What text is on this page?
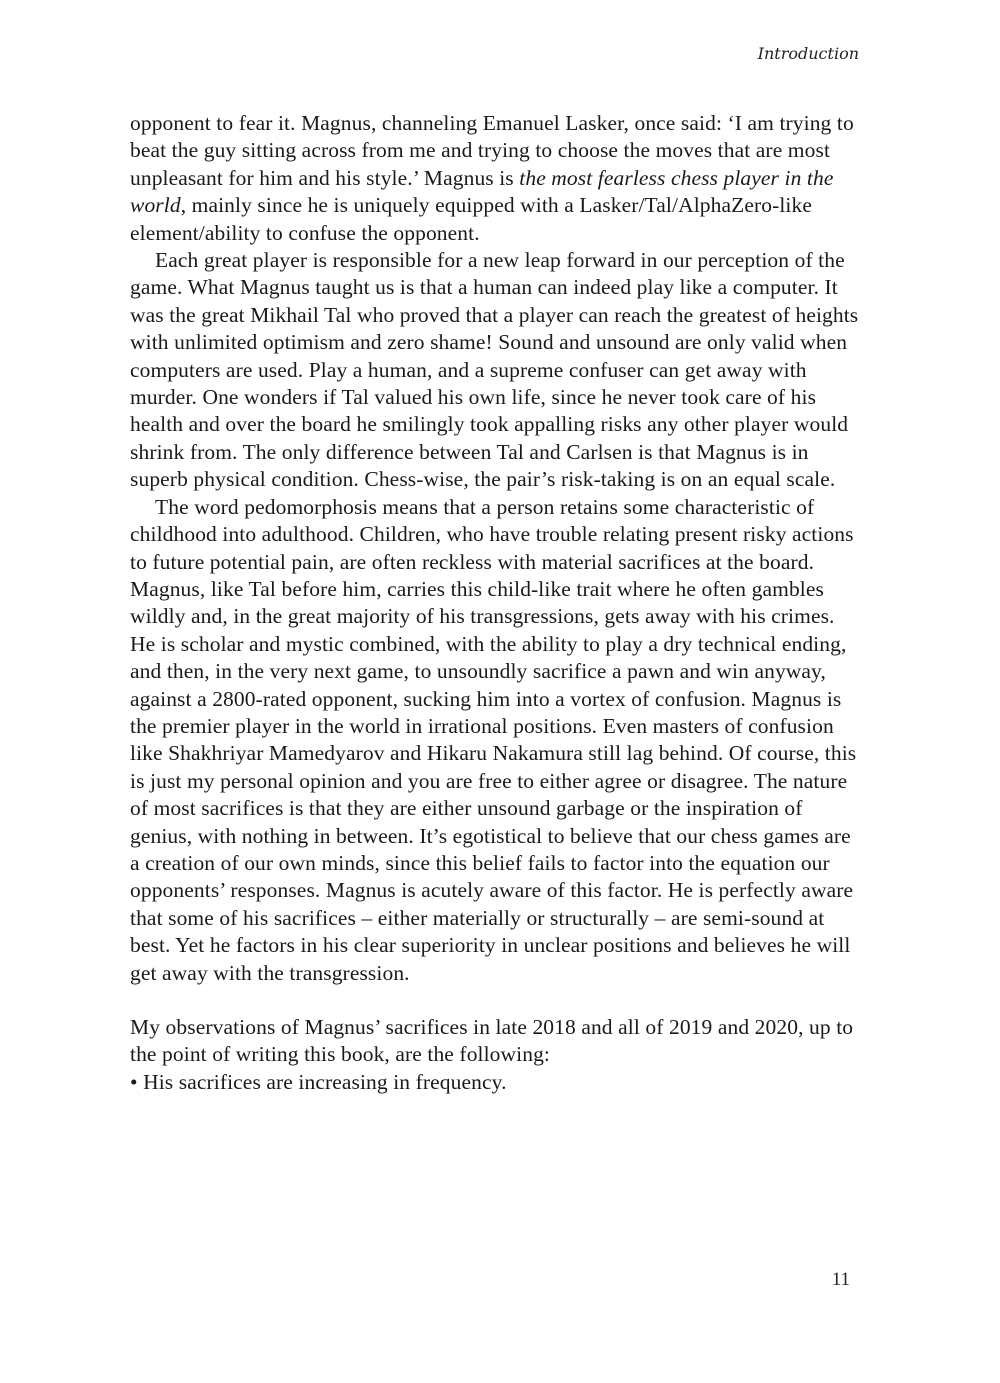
Introduction

opponent to fear it. Magnus, channeling Emanuel Lasker, once said: ‘I am trying to beat the guy sitting across from me and trying to choose the moves that are most unpleasant for him and his style.’ Magnus is the most fearless chess player in the world, mainly since he is uniquely equipped with a Lasker/Tal/AlphaZero-like element/ability to confuse the opponent.

Each great player is responsible for a new leap forward in our perception of the game. What Magnus taught us is that a human can indeed play like a computer. It was the great Mikhail Tal who proved that a player can reach the greatest of heights with unlimited optimism and zero shame! Sound and unsound are only valid when computers are used. Play a human, and a supreme confuser can get away with murder. One wonders if Tal valued his own life, since he never took care of his health and over the board he smilingly took appalling risks any other player would shrink from. The only difference between Tal and Carlsen is that Magnus is in superb physical condition. Chess-wise, the pair’s risk-taking is on an equal scale.

The word pedomorphosis means that a person retains some characteristic of childhood into adulthood. Children, who have trouble relating present risky actions to future potential pain, are often reckless with material sacrifices at the board. Magnus, like Tal before him, carries this child-like trait where he often gambles wildly and, in the great majority of his transgressions, gets away with his crimes. He is scholar and mystic combined, with the ability to play a dry technical ending, and then, in the very next game, to unsoundly sacrifice a pawn and win anyway, against a 2800-rated opponent, sucking him into a vortex of confusion. Magnus is the premier player in the world in irrational positions. Even masters of confusion like Shakhriyar Mamedyarov and Hikaru Nakamura still lag behind. Of course, this is just my personal opinion and you are free to either agree or disagree. The nature of most sacrifices is that they are either unsound garbage or the inspiration of genius, with nothing in between. It’s egotistical to believe that our chess games are a creation of our own minds, since this belief fails to factor into the equation our opponents’ responses. Magnus is acutely aware of this factor. He is perfectly aware that some of his sacrifices – either materially or structurally – are semi-sound at best. Yet he factors in his clear superiority in unclear positions and believes he will get away with the transgression.

My observations of Magnus’ sacrifices in late 2018 and all of 2019 and 2020, up to the point of writing this book, are the following:

• His sacrifices are increasing in frequency.

11
